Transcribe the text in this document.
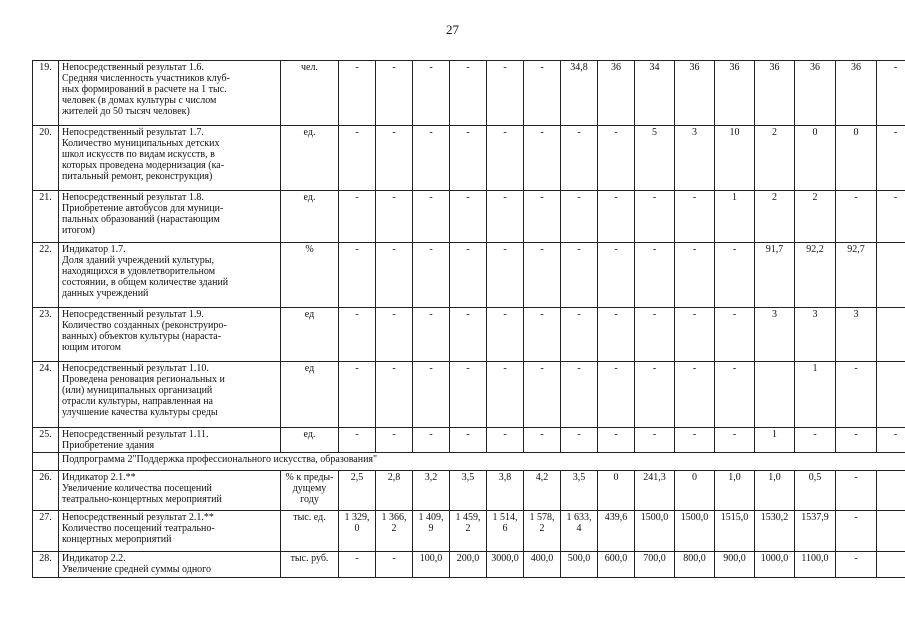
27
19.	Непосредственный результат 1.6.
Средняя численность участников клуб-
ных формирований в расчете на 1 тыс.
человек (в домах культуры с числом
жителей до 50 тысяч человек)	чел.	-	-	-	-	-	-	34,8	36	34	36	36	36	36	36	-
20.	Непосредственный результат 1.7.
Количество муниципальных детских
школ искусств по видам искусств, в
которых проведена модернизация (ка-
питальный ремонт, реконструкция)	ед.	-	-	-	-	-	-	-	-	5	3	10	2	0	0	-
21.	Непосредственный результат 1.8.
Приобретение автобусов для муници-
пальных образований (нарастающим
итогом)	ед.	-	-	-	-	-	-	-	-	-	-	1	2	2	-	-
22.	Индикатор 1.7.
Доля зданий учреждений культуры,
находящихся в удовлетворительном
состоянии, в общем количестве зданий
данных учреждений	%	-	-	-	-	-	-	-	-	-	-	-	91,7	92,2	92,7	
23.	Непосредственный результат 1.9.
Количество созданных (реконструиро-
ванных) объектов культуры (нараста-
ющим итогом	ед	-	-	-	-	-	-	-	-	-	-	-	3	3	3	
24.	Непосредственный результат 1.10.
Проведена реновация региональных и
(или) муниципальных организаций
отрасли культуры, направленная на
улучшение качества культуры среды	ед	-	-	-	-	-	-	-	-	-	-	-		1	-	
25.	Непосредственный результат 1.11.
Приобретение здания	ед.	-	-	-	-	-	-	-	-	-	-	-	1	-	-	-
	Подпрограмма 2"Поддержка профессионального искусства, образования"																
26.	Индикатор 2.1.**
Увеличение количества посещений
театрально-концертных мероприятий	% к преды-
дущему
году	2,5	2,8	3,2	3,5	3,8	4,2	3,5	0	241,3	0	1,0	1,0	0,5	-	
27.	Непосредственный результат 2.1.**
Количество посещений театрально-
концертных мероприятий	тыс. ед.	1 329,
0	1 366,
2	1 409,
9	1 459,
2	1 514,
6	1 578,
2	1 633,
4	439,6	1500,0	1500,0	1515,0	1530,2	1537,9	-	
28.	Индикатор 2.2.
Увеличение средней суммы одного	тыс. руб.	-	-	100,0	200,0	3000,0	400,0	500,0	600,0	700,0	800,0	900,0	1000,0	1100,0	-	
